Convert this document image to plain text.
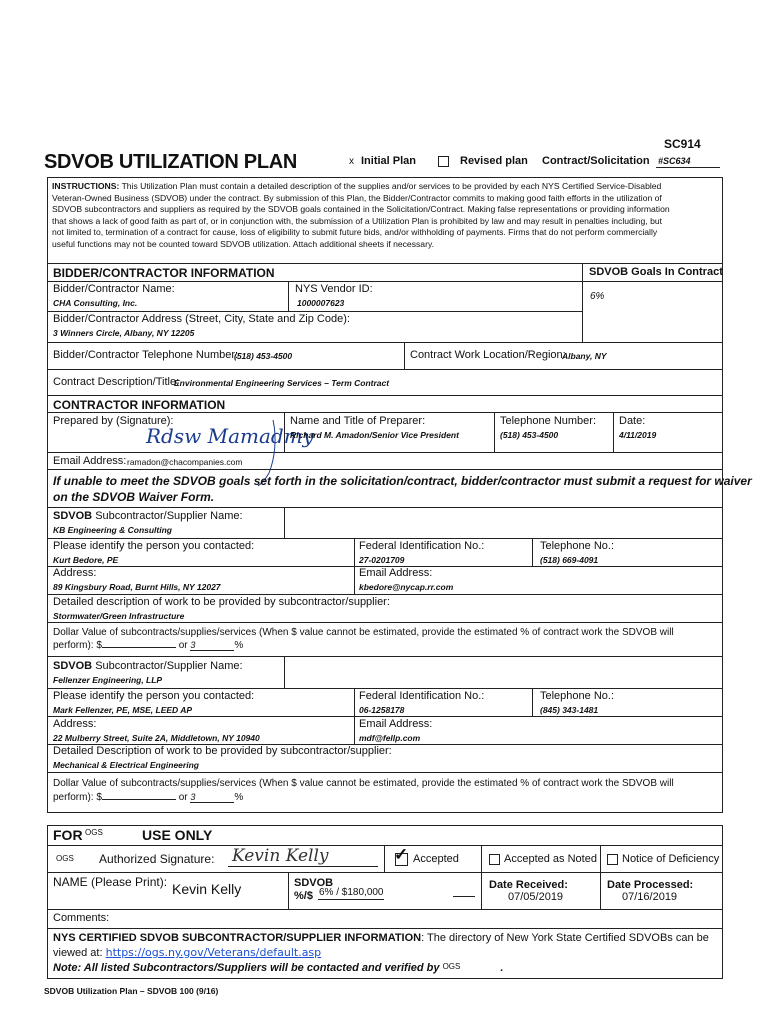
SC914
SDVOB UTILIZATION PLAN	x Initial Plan	Revised plan Contract/Solicitation #SC634
INSTRUCTIONS: This Utilization Plan must contain a detailed description of the supplies and/or services to be provided by each NYS Certified Service-Disabled
Veteran-Owned Business (SDVOB) under the contract. By submission of this Plan, the Bidder/Contractor commits to making good faith efforts in the utilization of
SDVOB subcontractors and suppliers as required by the SDVOB goals contained in the Solicitation/Contract. Making false representations or providing information
that shows a lack of good faith as part of, or in conjunction with, the submission of a Utilization Plan is prohibited by law and may result in penalties including, but
not limited to, termination of a contract for cause, loss of eligibility to submit future bids, and/or withholding of payments. Firms that do not perform commercially
useful functions may not be counted toward SDVOB utilization. Attach additional sheets if necessary.
BIDDER/CONTRACTOR INFORMATION	SDVOB Goals In Contract
6%
Bidder/Contractor Name:
CHA Consulting, Inc.
NYS Vendor ID:
1000007623
Bidder/Contractor Address (Street, City, State and Zip Code):
3 Winners Circle, Albany, NY 12205
Bidder/Contractor Telephone Number:
(518) 453-4500	Contract Work Location/Region:
Albany, NY
Contract Description/Title:
Environmental Engineering Services – Term Contract
CONTRACTOR INFORMATION
Prepared by (Signature):
Rdsw Mamadmy
Name and Title of Preparer:
Richard M. Amadon/Senior Vice President
Telephone Number:
(518) 453-4500
Date:
4/11/2019
Email Address: ramadon@chacompanies.com
If unable to meet the SDVOB goals set forth in the solicitation/contract, bidder/contractor must submit a request for waiver
on the SDVOB Waiver Form.
SDVOB Subcontractor/Supplier Name:
KB Engineering & Consulting
Please identify the person you contacted:
Kurt Bedore, PE
Federal Identification No.:
27-0201709
Telephone No.:
(518) 669-4091
Address:
89 Kingsbury Road, Burnt Hills, NY 12027
Email Address:
kbedore@nycap.rr.com
Detailed description of work to be provided by subcontractor/supplier:
Stormwater/Green Infrastructure
Dollar Value of subcontracts/supplies/services (When $ value cannot be estimated, provide the estimated % of contract work the SDVOB will
perform): $	or 3	%
SDVOB Subcontractor/Supplier Name:
Fellenzer Engineering, LLP
Please identify the person you contacted:
Mark Fellenzer, PE, MSE, LEED AP
Federal Identification No.:
06-1258178
Telephone No.:
(845) 343-1481
Address:
22 Mulberry Street, Suite 2A, Middletown, NY 10940
Email Address:
mdf@fellp.com
Detailed Description of work to be provided by subcontractor/supplier:
Mechanical & Electrical Engineering
Dollar Value of subcontracts/supplies/services (When $ value cannot be estimated, provide the estimated % of contract work the SDVOB will
perform): $	or 3	%
FOR OGS	USE ONLY
OGS Authorized Signature: Kevin Kelly	✓ Accepted	Accepted as Noted Notice of Deficiency
NAME (Please Print): Kevin Kelly	SDVOB
%/$ 6% / $180,000
Date Received:
07/05/2019
Date Processed:
07/16/2019
Comments:
NYS CERTIFIED SDVOB SUBCONTRACTOR/SUPPLIER INFORMATION: The directory of New York State Certified SDVOBs can be
viewed at: https://ogs.ny.gov/Veterans/default.asp
Note: All listed Subcontractors/Suppliers will be contacted and verified by $^{OGS}$	.
SDVOB Utilization Plan – SDVOB 100 (9/16)
